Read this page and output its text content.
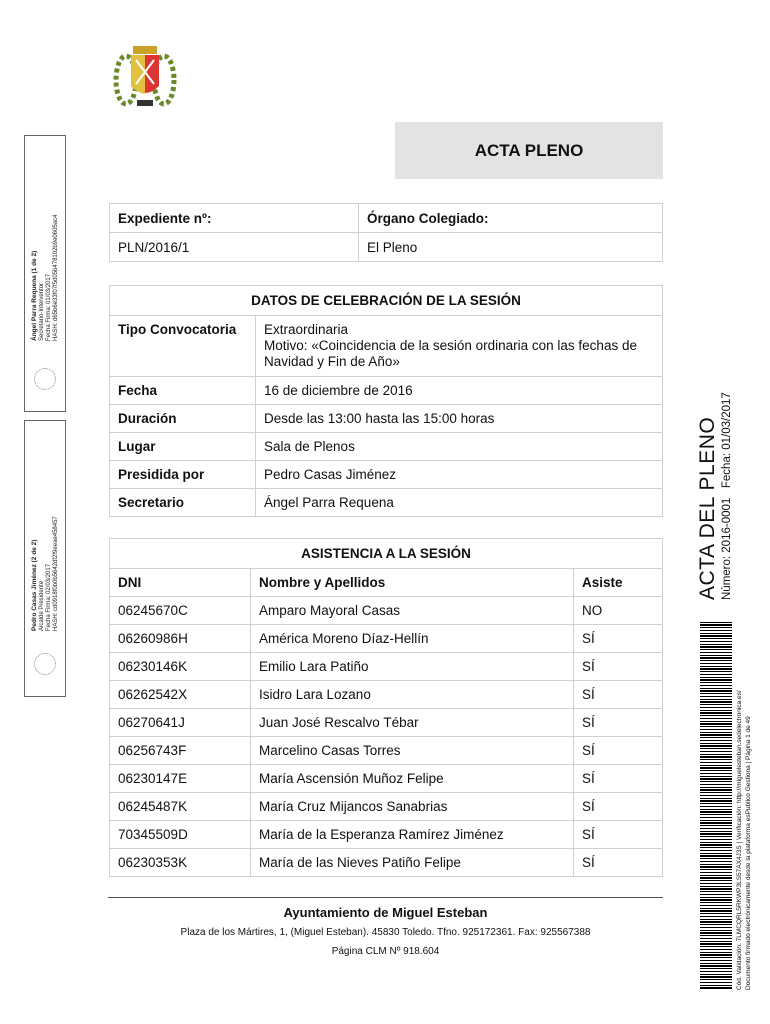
ACTA PLENO
Expediente nº:	Órgano Colegiado:
PLN/2016/1	El Pleno
DATOS DE CELEBRACIÓN DE LA SESIÓN	
Tipo Convocatoria	Extraordinaria
Motivo: «Coincidencia de la sesión ordinaria con las fechas de Navidad y Fin de Año»

Fecha	16 de diciembre de 2016
Duración	Desde las 13:00 hasta las 15:00 horas
Lugar	Sala de Plenos
Presidida por	Pedro Casas Jiménez
Secretario	Ángel Parra Requena
ASISTENCIA A LA SESIÓN		
DNI	Nombre y Apellidos	Asiste
06245670C	Amparo Mayoral Casas	NO
06260986H	América Moreno Díaz-Hellín	SÍ
06230146K	Emilio Lara Patiño	SÍ
06262542X	Isidro Lara Lozano	SÍ
06270641J	Juan José Rescalvo Tébar	SÍ
06256743F	Marcelino Casas Torres	SÍ
06230147E	María Ascensión Muñoz Felipe	SÍ
06245487K	María Cruz Mijancos Sanabrias	SÍ
70345509D	María de la Esperanza Ramírez Jiménez	SÍ
06230353K	María de las Nieves Patiño Felipe	SÍ
Ayuntamiento de Miguel Esteban
Plaza de los Mártires, 1, (Miguel Esteban). 45830 Toledo. Tfno. 925172361. Fax: 925567388
Página CLM Nº 918.604
Ángel Parra Requena (1 de 2)
Secretario-Interventor
Fecha Firma: 01/03/2017
HASH: d65b6e33f07f5d05b478102b9e0605ac4
Pedro Casas Jiménez (2 de 2)
Alcalde Presidente
Fecha Firma: 02/03/2017
HASH: cd0918f0b0b5642df2f9eeae458457	ACTA DEL PLENO Número: 2016-0001   Fecha: 01/03/2017
Cód. Validación: 7LMCQRL5RKWP3LS57AX4J3S | Verificación: http://miguelesteban.sedelectronica.es/ Documento firmado electrónicamente desde la plataforma esPublico Gestiona | Página 1 de 49
